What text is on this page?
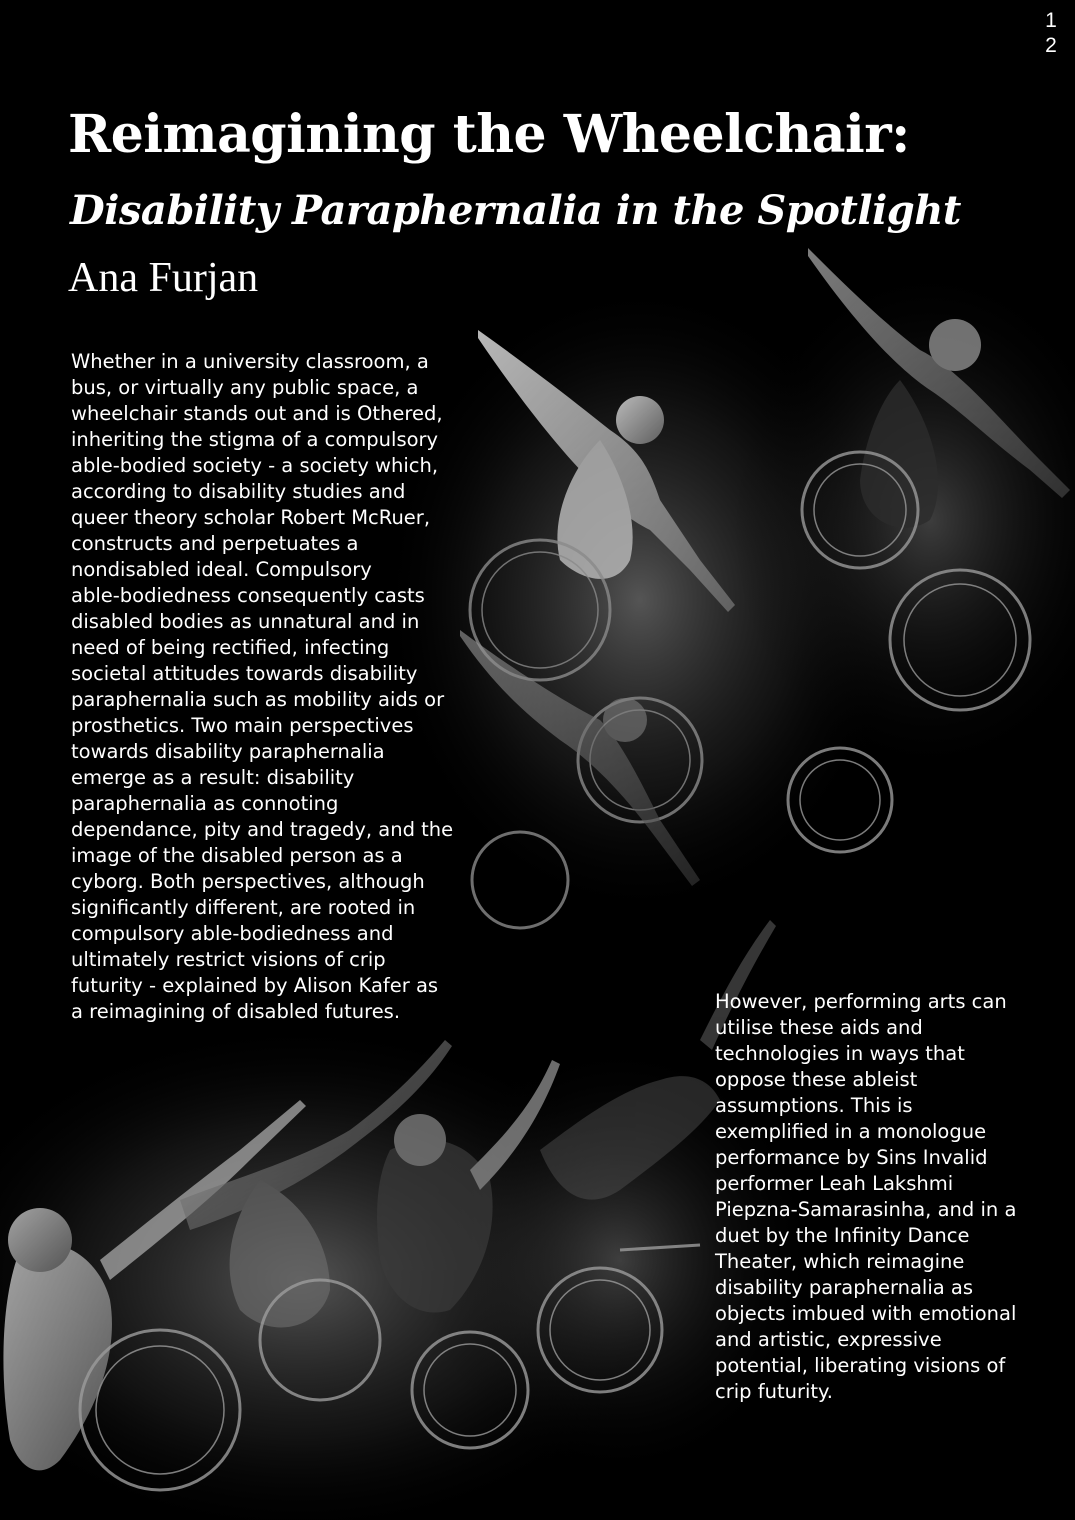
1
2
Reimagining the Wheelchair:
Disability Paraphernalia in the Spotlight

Ana Furjan

Whether in a university classroom, a
bus, or virtually any public space, a
wheelchair stands out and is Othered,
inheriting the stigma of a compulsory
able-bodied society - a society which,
according to disability studies and
queer theory scholar Robert McRuer,
constructs and perpetuates a
nondisabled ideal. Compulsory
able-bodiedness consequently casts
disabled bodies as unnatural and in
need of being rectified, infecting
societal attitudes towards disability
paraphernalia such as mobility aids or
prosthetics. Two main perspectives
towards disability paraphernalia
emerge as a result: disability
paraphernalia as connoting
dependance, pity and tragedy, and the
image of the disabled person as a
cyborg. Both perspectives, although
significantly different, are rooted in
compulsory able-bodiedness and
ultimately restrict visions of crip
futurity - explained by Alison Kafer as
a reimagining of disabled futures.	However, performing arts can
utilise these aids and
technologies in ways that
oppose these ableist
assumptions. This is
exemplified in a monologue
performance by Sins Invalid
performer Leah Lakshmi
Piepzna-Samarasinha, and in a
duet by the Infinity Dance
Theater, which reimagine
disability paraphernalia as
objects imbued with emotional
and artistic, expressive
potential, liberating visions of
crip futurity.
